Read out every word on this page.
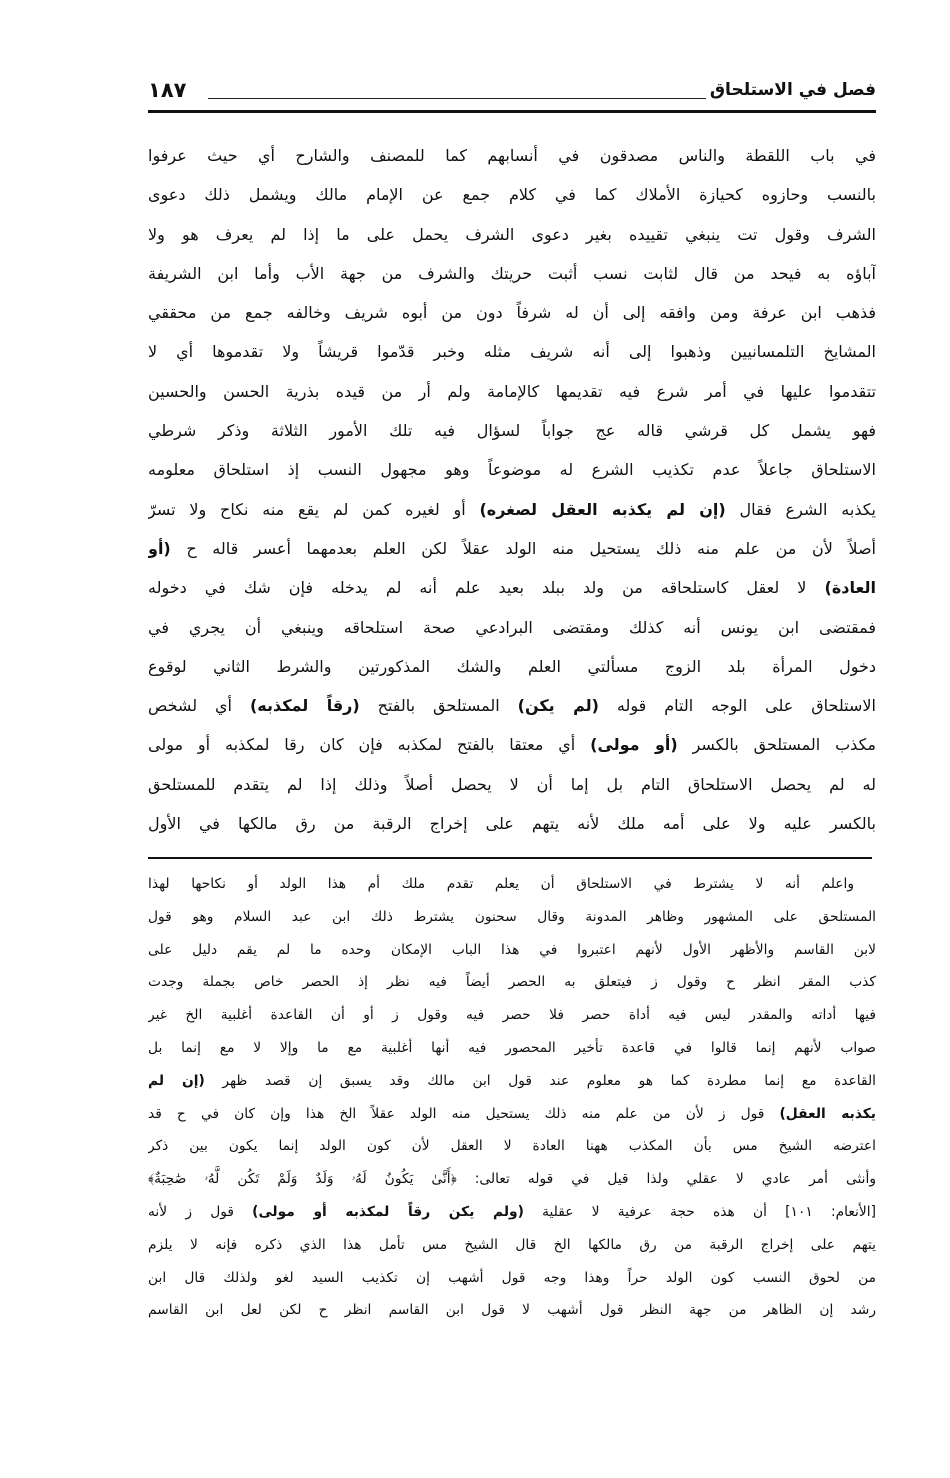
فصل في الاستلحاق
١٨٧
في باب اللقطة والناس مصدقون في أنسابهم كما للمصنف والشارح أي حيث عرفوا
بالنسب وحازوه كحيازة الأملاك كما في كلام جمع عن الإمام مالك ويشمل ذلك دعوى
الشرف وقول تت ينبغي تقييده بغير دعوى الشرف يحمل على ما إذا لم يعرف هو ولا
آباؤه به فيحد من قال لثابت نسب أثبت حريتك والشرف من جهة الأب وأما ابن الشريفة
فذهب ابن عرفة ومن وافقه إلى أن له شرفاً دون من أبوه شريف وخالفه جمع من محققي
المشايخ التلمسانيين وذهبوا إلى أنه شريف مثله وخبر قدّموا قريشاً ولا تقدموها أي لا
تتقدموا عليها في أمر شرع فيه تقديمها كالإمامة ولم أر من قيده بذرية الحسن والحسين
فهو يشمل كل قرشي قاله عج جواباً لسؤال فيه تلك الأمور الثلاثة وذكر شرطي
الاستلحاق جاعلاً عدم تكذيب الشرع له موضوعاً وهو مجهول النسب إذ استلحاق معلومه
يكذبه الشرع فقال (إن لم يكذبه العقل لصغره) أو لغيره كمن لم يقع منه نكاح ولا تسرّ
أصلاً لأن من علم منه ذلك يستحيل منه الولد عقلاً لكن العلم بعدمهما أعسر قاله ح (أو
العادة) لا لعقل كاستلحاقه من ولد ببلد بعيد علم أنه لم يدخله فإن شك في دخوله
فمقتضى ابن يونس أنه كذلك ومقتضى البرادعي صحة استلحاقه وينبغي أن يجري في
دخول المرأة بلد الزوج مسألتي العلم والشك المذكورتين والشرط الثاني لوقوع
الاستلحاق على الوجه التام قوله (لم يكن) المستلحق بالفتح (رقاً لمكذبه) أي لشخص
مكذب المستلحق بالكسر (أو مولى) أي معتقا بالفتح لمكذبه فإن كان رقا لمكذبه أو مولى
له لم يحصل الاستلحاق التام بل إما أن لا يحصل أصلاً وذلك إذا لم يتقدم للمستلحق
بالكسر عليه ولا على أمه ملك لأنه يتهم على إخراج الرقبة من رق مالكها في الأول
واعلم أنه لا يشترط في الاستلحاق أن يعلم تقدم ملك أم هذا الولد أو نكاحها لهذا
المستلحق على المشهور وظاهر المدونة وقال سحنون يشترط ذلك ابن عبد السلام وهو قول
لابن القاسم والأظهر الأول لأنهم اعتبروا في هذا الباب الإمكان وحده ما لم يقم دليل على
كذب المقر انظر ح وقول ز فيتعلق به الحصر أيضاً فيه نظر إذ الحصر خاص بجملة وجدت
فيها أداته والمقدر ليس فيه أداة حصر فلا حصر فيه وقول ز أو أن القاعدة أغلبية الخ غير
صواب لأنهم إنما قالوا في قاعدة تأخير المحصور فيه أنها أغلبية مع ما وإلا لا مع إنما بل
القاعدة مع إنما مطردة كما هو معلوم عند قول ابن مالك وقد يسبق إن قصد ظهر (إن لم
يكذبه العقل) قول ز لأن من علم منه ذلك يستحيل منه الولد عقلاً الخ هذا وإن كان في ح قد
اعترضه الشيخ مس بأن المكذب ههنا العادة لا العقل لأن كون الولد إنما يكون بين ذكر
وأنثى أمر عادي لا عقلي ولذا قيل في قوله تعالى: ﴿أَنَّىٰ يَكُونُ لَهُۥ وَلَدٌ وَلَمْ تَكُن لَّهُۥ صَٰحِبَةٌ﴾
[الأنعام: ١٠١] أن هذه حجة عرفية لا عقلية (ولم يكن رقاً لمكذبه أو مولى) قول ز لأنه
يتهم على إخراج الرقبة من رق مالكها الخ قال الشيخ مس تأمل هذا الذي ذكره فإنه لا يلزم
من لحوق النسب كون الولد حراً وهذا وجه قول أشهب إن تكذيب السيد لغو ولذلك قال ابن
رشد إن الظاهر من جهة النظر قول أشهب لا قول ابن القاسم انظر ح لكن لعل ابن القاسم
